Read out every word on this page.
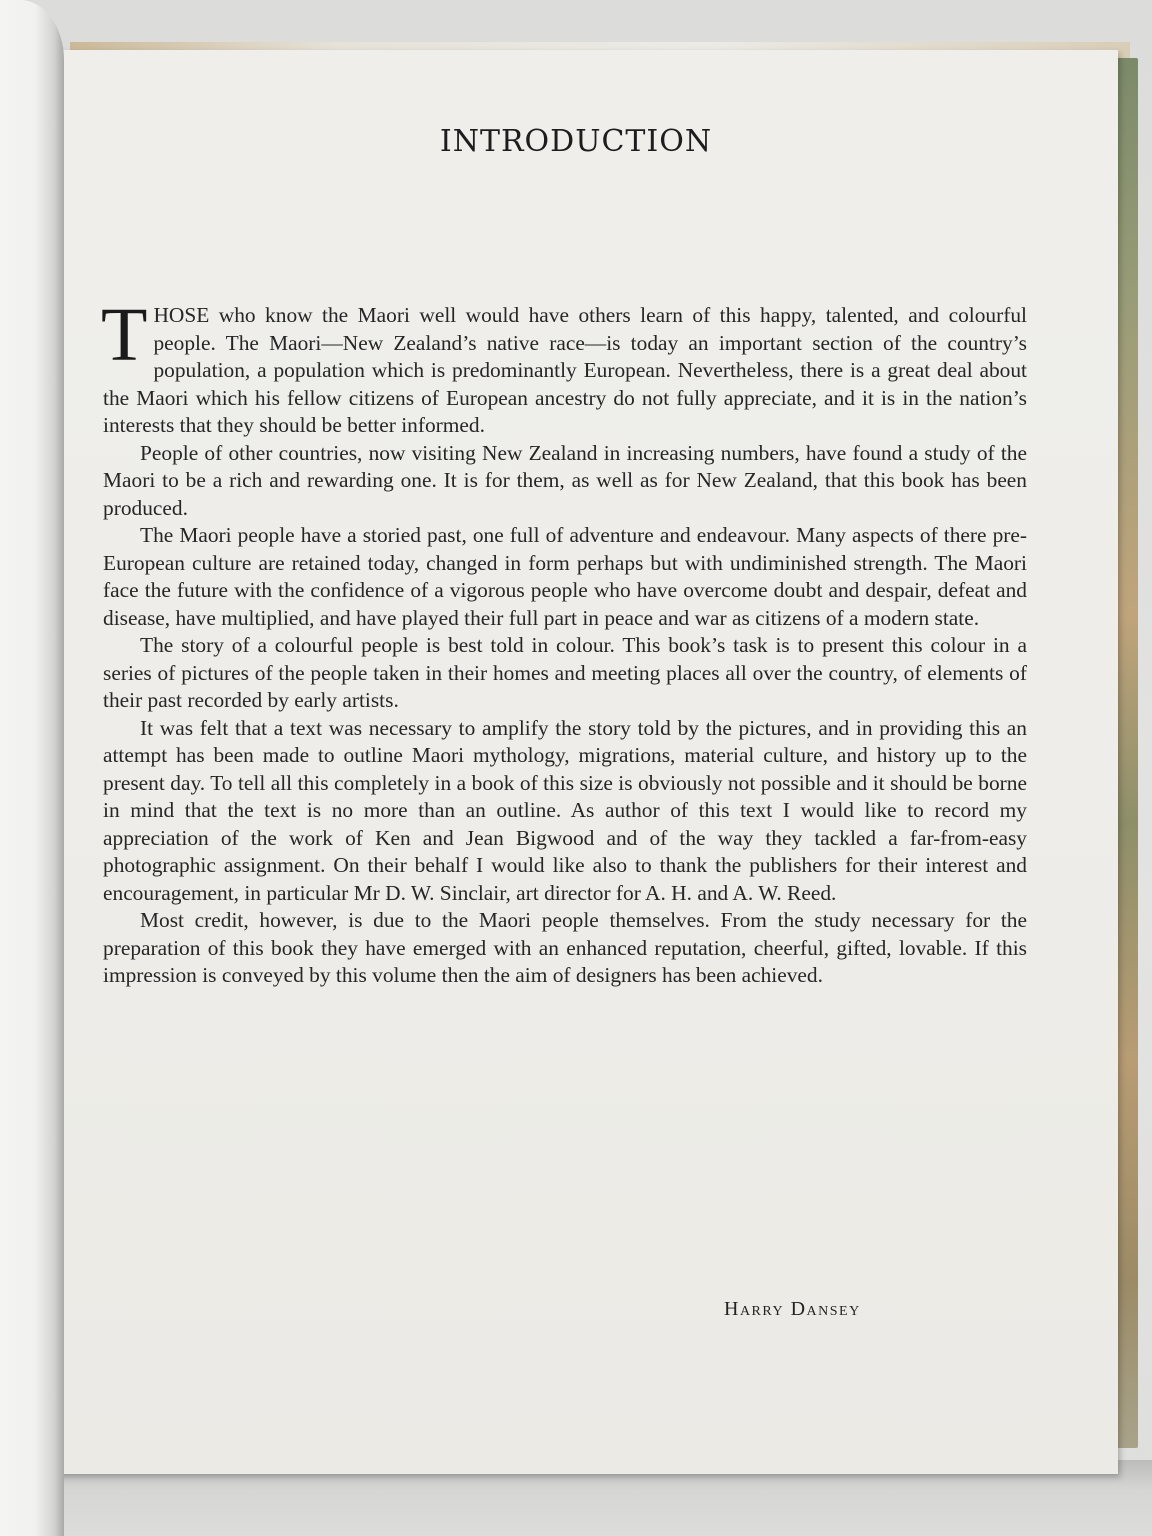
INTRODUCTION

THOSE who know the Maori well would have others learn of this happy, talented, and colourful people. The Maori—New Zealand’s native race—is today an important section of the country’s population, a population which is predominantly European. Nevertheless, there is a great deal about the Maori which his fellow citizens of European ancestry do not fully appreciate, and it is in the nation’s interests that they should be better informed.

People of other countries, now visiting New Zealand in increasing numbers, have found a study of the Maori to be a rich and rewarding one. It is for them, as well as for New Zealand, that this book has been produced.

The Maori people have a storied past, one full of adventure and endeavour. Many aspects of there pre-European culture are retained today, changed in form perhaps but with undiminished strength. The Maori face the future with the confidence of a vigorous people who have overcome doubt and despair, defeat and disease, have multiplied, and have played their full part in peace and war as citizens of a modern state.

The story of a colourful people is best told in colour. This book’s task is to present this colour in a series of pictures of the people taken in their homes and meeting places all over the country, of elements of their past recorded by early artists.

It was felt that a text was necessary to amplify the story told by the pictures, and in providing this an attempt has been made to outline Maori mythology, migrations, material culture, and history up to the present day. To tell all this completely in a book of this size is obviously not possible and it should be borne in mind that the text is no more than an outline. As author of this text I would like to record my appreciation of the work of Ken and Jean Bigwood and of the way they tackled a far-from-easy photographic assignment. On their behalf I would like also to thank the publishers for their interest and encouragement, in particular Mr D. W. Sinclair, art director for A. H. and A. W. Reed.

Most credit, however, is due to the Maori people themselves. From the study necessary for the preparation of this book they have emerged with an enhanced reputation, cheerful, gifted, lovable. If this impression is conveyed by this volume then the aim of designers has been achieved.

Harry Dansey
